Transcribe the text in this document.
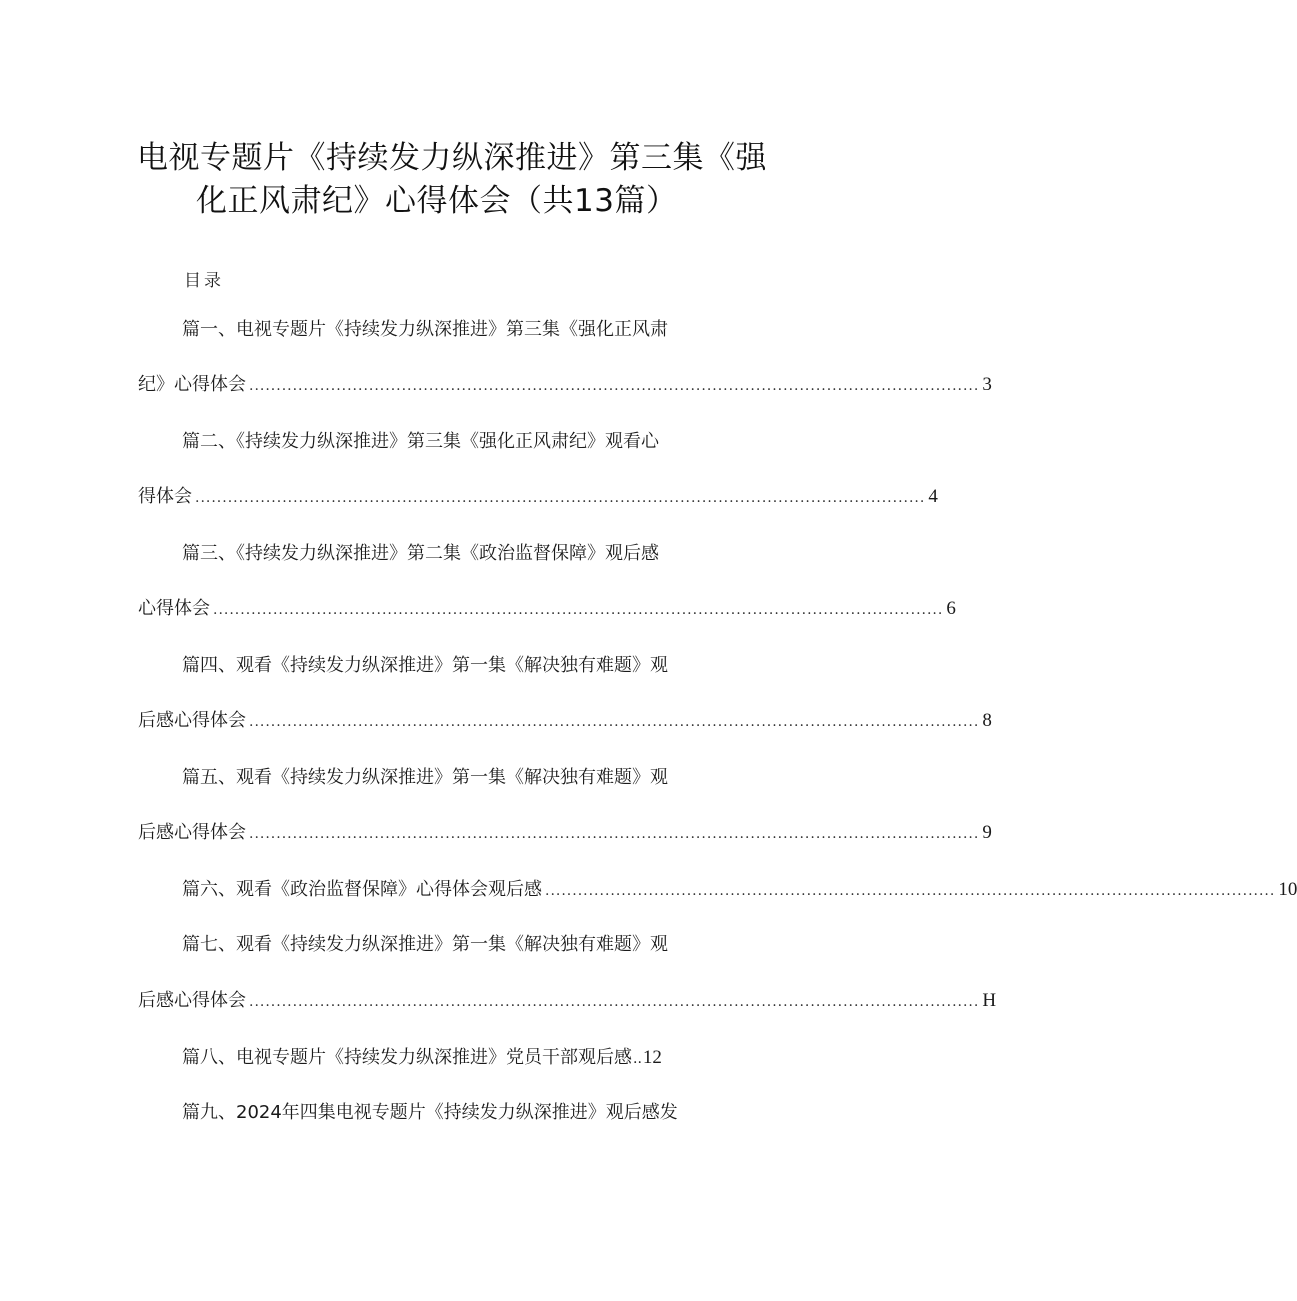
电视专题片《持续发力纵深推进》第三集《强
化正风肃纪》心得体会（共13篇）
目录
篇一、电视专题片《持续发力纵深推进》第三集《强化正风肃
纪》心得体会 ...................................................................................................................................... 3
篇二、《持续发力纵深推进》第三集《强化正风肃纪》观看心
得体会 ...................................................................................................................................... 4
篇三、《持续发力纵深推进》第二集《政治监督保障》观后感
心得体会 ...................................................................................................................................... 6
篇四、观看《持续发力纵深推进》第一集《解决独有难题》观
后感心得体会 ...................................................................................................................................... 8
篇五、观看《持续发力纵深推进》第一集《解决独有难题》观
后感心得体会 ...................................................................................................................................... 9
篇六、观看《政治监督保障》心得体会观后感 ...................................................................................................................................... 10
篇七、观看《持续发力纵深推进》第一集《解决独有难题》观
后感心得体会 ...................................................................................................................................... H
篇八、电视专题片《持续发力纵深推进》党员干部观后感 .. 12
篇九、2024年四集电视专题片《持续发力纵深推进》观后感发
